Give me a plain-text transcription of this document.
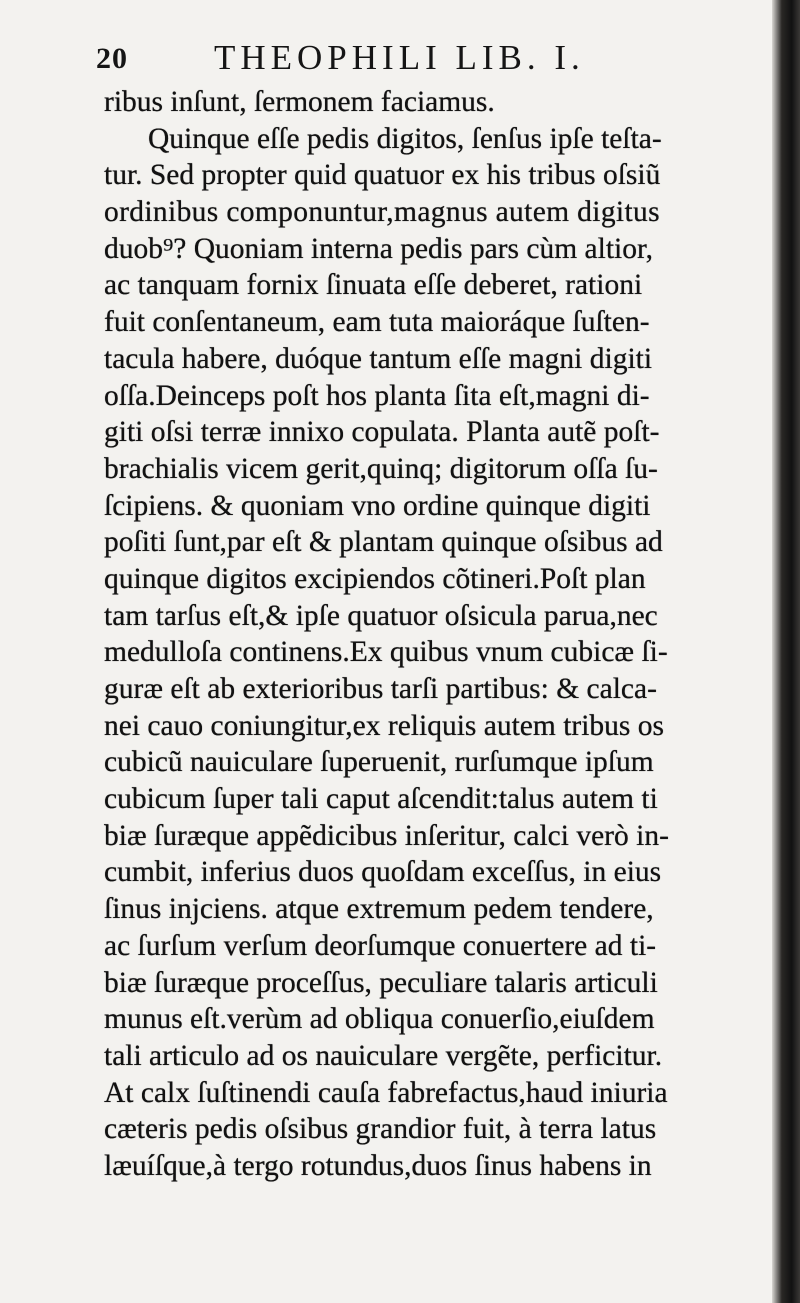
20 THEOPHILI LIB. I.
ribus inſunt, ſermonem faciamus.
Quinque eſſe pedis digitos, ſenſus ipſe teſta-
tur. Sed propter quid quatuor ex his tribus oſsiũ
ordinibus componuntur,magnus autem digitus
duob⁹? Quoniam interna pedis pars cùm altior,
ac tanquam fornix ſinuata eſſe deberet, rationi
fuit conſentaneum, eam tuta maioráque ſuſten-
tacula habere, duóque tantum eſſe magni digiti
oſſa.Deinceps poſt hos planta ſita eſt,magni di-
giti oſsi terræ innixo copulata. Planta autẽ poſt-
brachialis vicem gerit,quinq; digitorum oſſa ſu-
ſcipiens. & quoniam vno ordine quinque digiti
poſiti ſunt,par eſt & plantam quinque oſsibus ad
quinque digitos excipiendos cõtineri.Poſt plan
tam tarſus eſt,& ipſe quatuor oſsicula parua,nec
medulloſa continens.Ex quibus vnum cubicæ ſi-
guræ eſt ab exterioribus tarſi partibus: & calca-
nei cauo coniungitur,ex reliquis autem tribus os
cubicũ nauiculare ſuperuenit, rurſumque ipſum
cubicum ſuper tali caput aſcendit:talus autem ti
biæ ſuræque appẽdicibus inſeritur, calci verò in-
cumbit, inferius duos quoſdam exceſſus, in eius
ſinus injciens. atque extremum pedem tendere,
ac ſurſum verſum deorſumque conuertere ad ti-
biæ ſuræque proceſſus, peculiare talaris articuli
munus eſt.verùm ad obliqua conuerſio,eiuſdem
tali articulo ad os nauiculare vergẽte, perficitur.
At calx ſuſtinendi cauſa fabrefactus,haud iniuria
cæteris pedis oſsibus grandior fuit, à terra latus
læuíſque,à tergo rotundus,duos ſinus habens in
